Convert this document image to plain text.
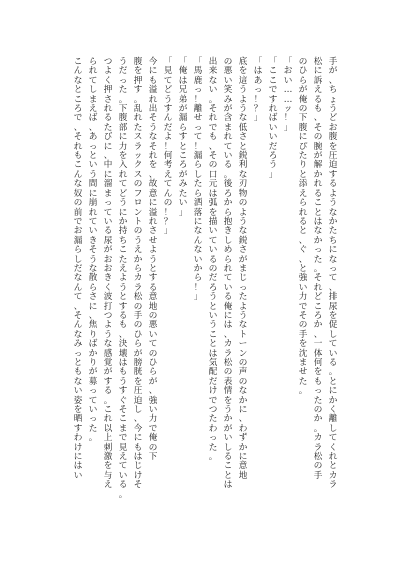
手が、ちょうどお腹を圧迫するようなかたちになって、排尿を促している。とにかく離してくれとカラ
松に訴えるも、その腕が解かれることはなかった。それどころか、一体何をもったのか。カラ松の手
のひらが俺の下腹にぴたりと添えられると、ぐ、と強い力でその手を沈ませた。
「おい……ッ！」
「ここですればいいだろう」
「はあっ！？」
底を這うような低さと鋭利な刃物のような鋭さがまじったようなトーンの声のなかに、わずかに意地
の悪い笑みが含まれている。後ろから抱きしめられている俺には、カラ松の表情をうかがいしることは
出来ない。それでも、その口元は弧を描いているのだろうということは気配だけでつたわった。
「馬鹿っ！　離せって！　漏らしたら洒落になんないから！」
「俺は兄弟が漏らすところがみたい」
「見てどうすんだよ！　何考えてんの！？」
今にも溢れ出そうなそれを、故意に溢れさせようとする意地の悪いてのひらが、強い力で俺の下
腹を押す。乱れたスラックスのフロントのうえからカラ松の手のひらが膀胱を圧迫し、今にもはじけそ
うだった。下腹部に力を入れてどうにか持ちこたえようとするも、決壊はもうすぐそこまで見えている。
つよく押されるたびに、中に溜まっている尿がおおきく波打つような感覚がする。これ以上刺激を与え
られてしまえば、あっという間に崩れていきそうな散らさに、焦りばかりが募っていった。
こんなところで、それもこんな奴の前でお漏らしだなんて、そんなみっともない姿を晒すわけにはい
